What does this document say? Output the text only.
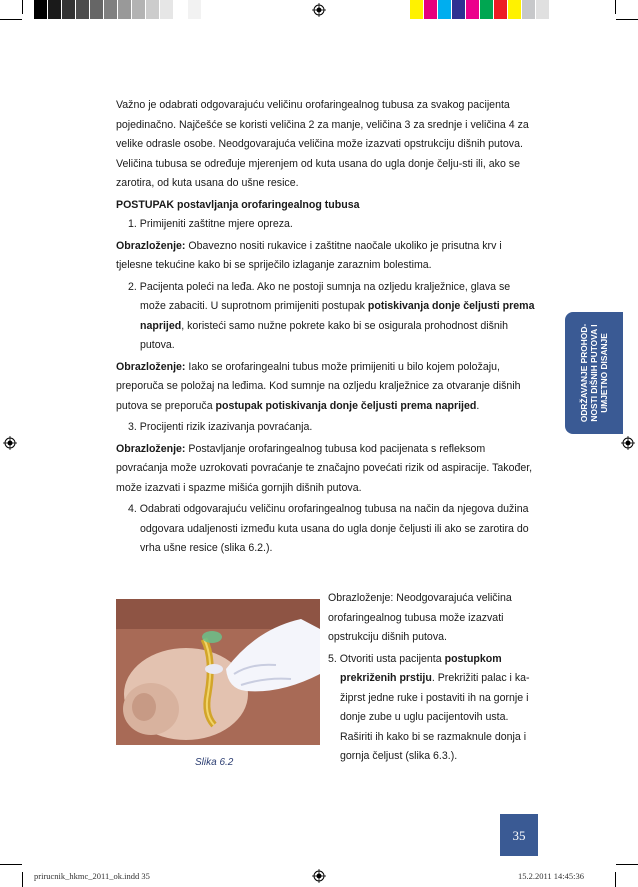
Važno je odabrati odgovarajuću veličinu orofaringealnog tubusa za svakog pacijenta pojedinačno. Najčešće se koristi veličina 2 za manje, veličina 3 za srednje i veličina 4 za velike odrasle osobe. Neodgovarajuća veličina može izazvati opstrukciju dišnih putova. Veličina tubusa se određuje mjerenjem od kuta usana do ugla donje čelju-sti ili, ako se zarotira, od kuta usana do ušne resice.

POSTUPAK postavljanja orofaringealnog tubusa

1. Primijeniti zaštitne mjere opreza.

Obrazloženje: Obavezno nositi rukavice i zaštitne naočale ukoliko je prisutna krv i tjelesne tekućine kako bi se spriječilo izlaganje zaraznim bolestima.

2. Pacijenta poleći na leđa. Ako ne postoji sumnja na ozljedu kralježnice, glava se može zabaciti. U suprotnom primijeniti postupak potiskivanja donje čeljusti prema naprijed, koristeći samo nužne pokrete kako bi se osigurala prohodnost dišnih putova.

Obrazloženje: Iako se orofaringealni tubus može primijeniti u bilo kojem položaju, preporuča se položaj na leđima. Kod sumnje na ozljedu kralježnice za otvaranje dišnih putova se preporuča postupak potiskivanja donje čeljusti prema naprijed.

3. Procijenti rizik izazivanja povraćanja.

Obrazloženje: Postavljanje orofaringealnog tubusa kod pacijenata s refleksom povraćanja može uzrokovati povraćanje te značajno povećati rizik od aspiracije. Također, može izazvati i spazme mišića gornjih dišnih putova.

4. Odabrati odgovarajuću veličinu orofaringealnog tubusa na način da njegova dužina odgovara udaljenosti između kuta usana do ugla donje čeljusti ili ako se zarotira do vrha ušne resice (slika 6.2.).

Slika 6.2

Obrazloženje: Neodgovarajuća veličina orofaringealnog tubusa može izazvati opstrukciju dišnih putova.

5. Otvoriti usta pacijenta postupkom prekriženih prstiju. Prekrižiti palac i ka-žiprst jedne ruke i postaviti ih na gornje i donje zube u uglu pacijentovih usta. Raširiti ih kako bi se razmaknule donja i gornja čeljust (slika 6.3.).

ODRŽAVANJE PROHOD-NOSTI DIŠNIH PUTOVA I UMJETNO DISANJE
35
prirucnik_hkmc_2011_ok.indd 35	15.2.2011 14:45:36
